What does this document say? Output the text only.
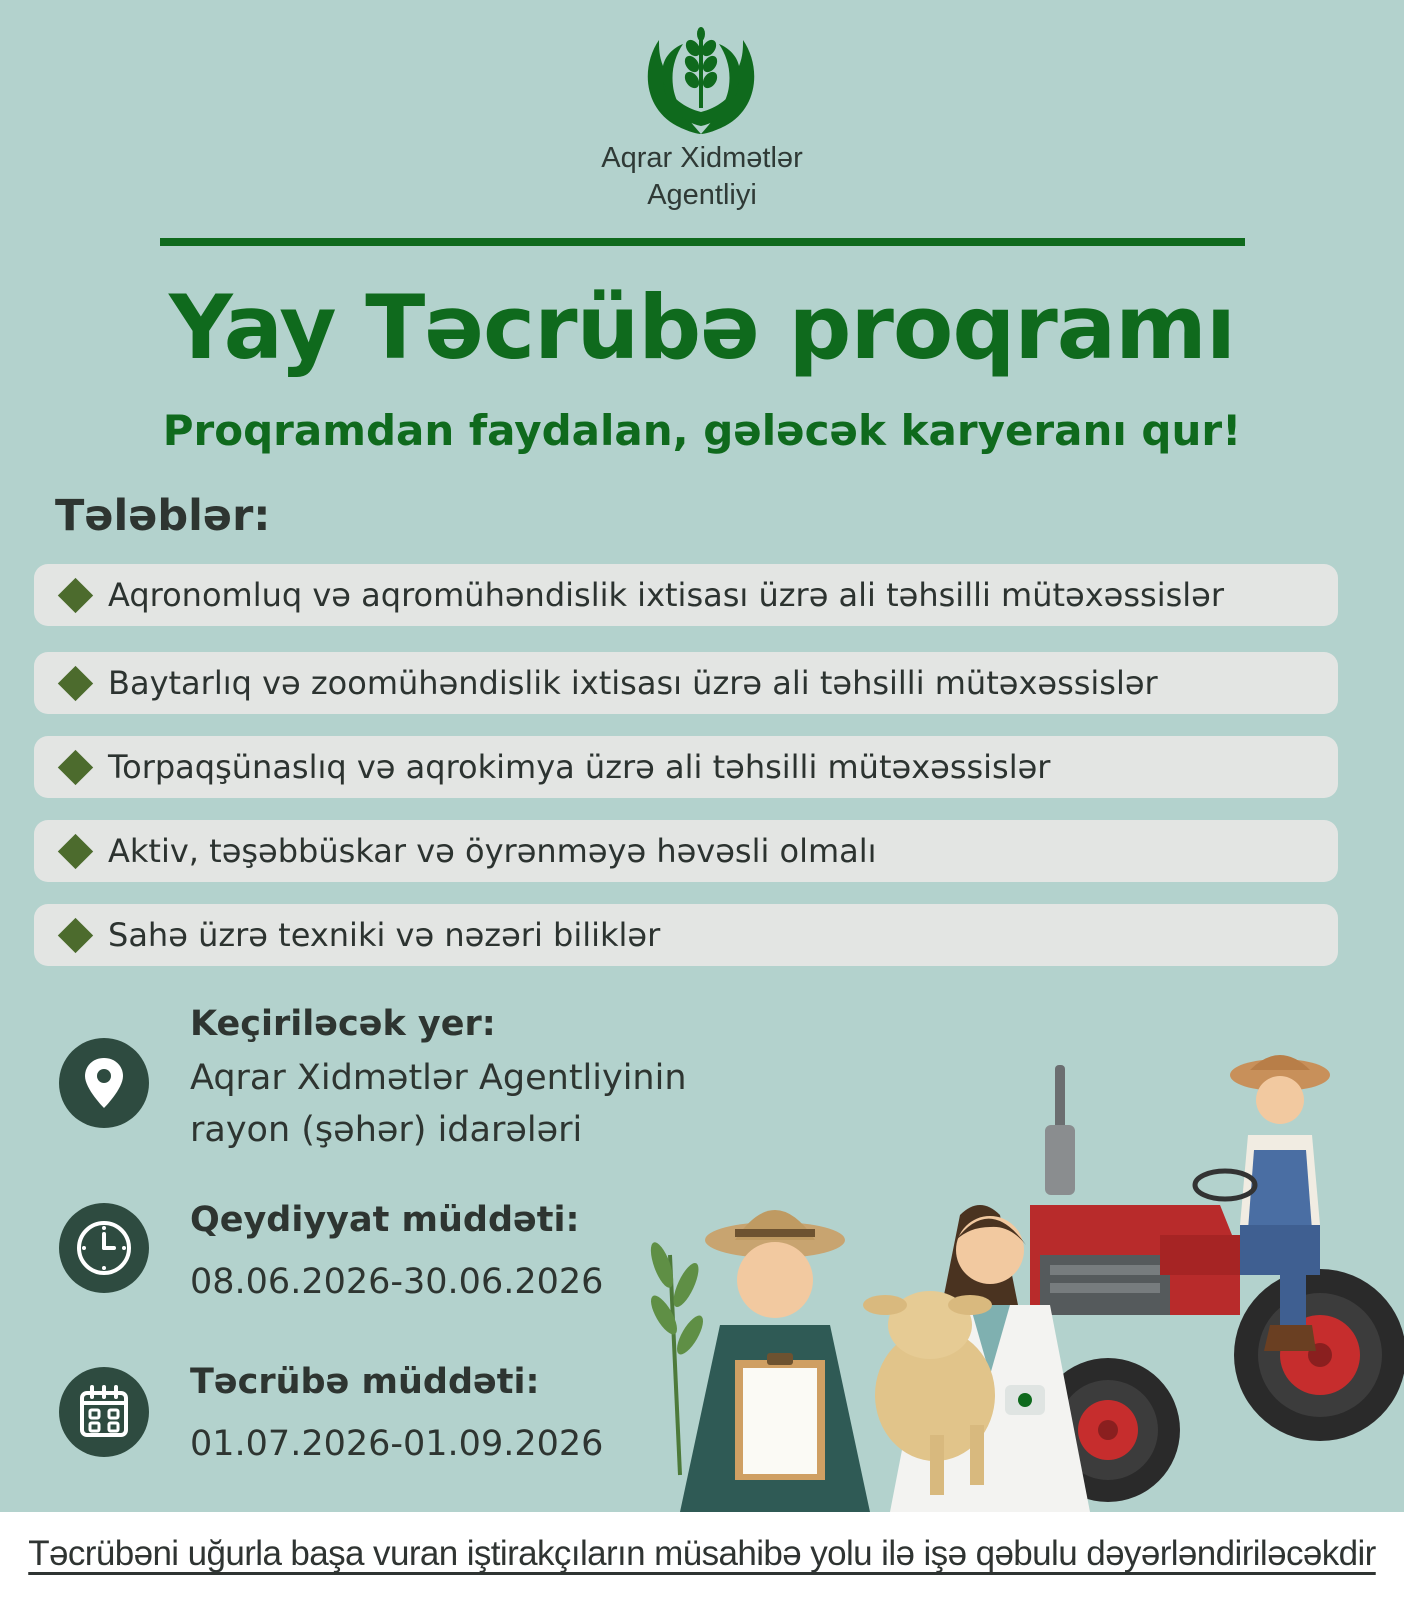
Aqrar Xidmətlər
Agentliyi
Yay Təcrübə proqramı
Proqramdan faydalan, gələcək karyeranı qur!
Tələblər:
Aqronomluq və aqromühəndislik ixtisası üzrə ali təhsilli mütəxəssislər
Baytarlıq və zoomühəndislik ixtisası üzrə ali təhsilli mütəxəssislər
Torpaqşünaslıq və aqrokimya üzrə ali təhsilli mütəxəssislər
Aktiv, təşəbbüskar və öyrənməyə həvəsli olmalı
Sahə üzrə texniki və nəzəri biliklər
Keçiriləcək yer:
Aqrar Xidmətlər Agentliyinin
rayon (şəhər) idarələri
Qeydiyyat müddəti:
08.06.2026-30.06.2026
Təcrübə müddəti:
01.07.2026-01.09.2026
Təcrübəni uğurla başa vuran iştirakçıların müsahibə yolu ilə işə qəbulu dəyərləndiriləcəkdir
